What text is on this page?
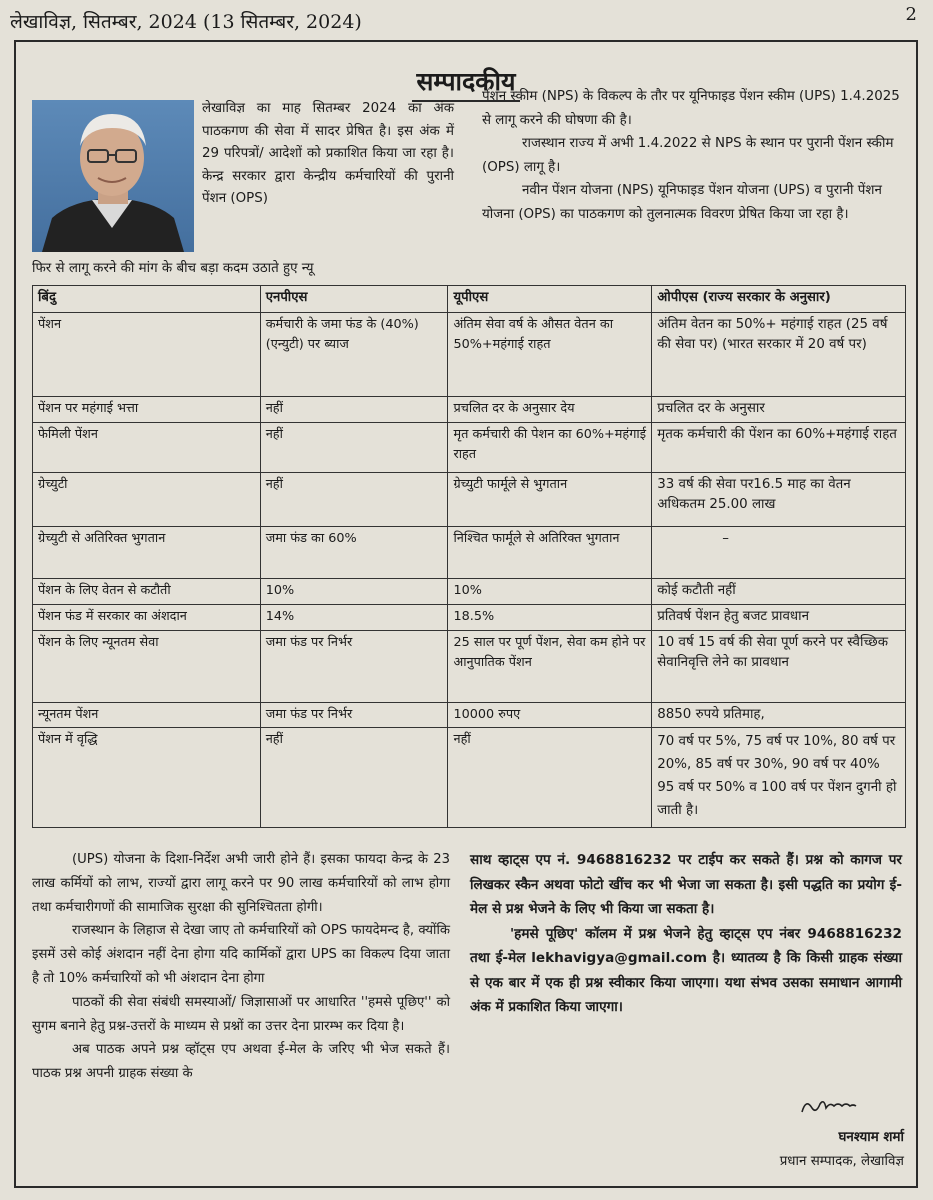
लेखाविज्ञ, सितम्बर, 2024 (13 सितम्बर, 2024)	2
सम्पादकीय

लेखाविज्ञ का माह सितम्बर 2024 का अंक पाठकगण की सेवा में सादर प्रेषित है। इस अंक में 29 परिपत्रों/ आदेशों को प्रकाशित किया जा रहा है। केन्द्र सरकार द्वारा केन्द्रीय कर्मचारियों की पुरानी पेंशन (OPS)

फिर से लागू करने की मांग के बीच बड़ा कदम उठाते हुए न्यू

पेंशन स्कीम (NPS) के विकल्प के तौर पर यूनिफाइड पेंशन स्कीम (UPS) 1.4.2025 से लागू करने की घोषणा की है।

राजस्थान राज्य में अभी 1.4.2022 से NPS के स्थान पर पुरानी पेंशन स्कीम (OPS) लागू है।

नवीन पेंशन योजना (NPS) यूनिफाइड पेंशन योजना (UPS) व पुरानी पेंशन योजना (OPS) का पाठकगण को तुलनात्मक विवरण प्रेषित किया जा रहा है।

बिंदु	एनपीएस	यूपीएस	ओपीएस (राज्य सरकार के अनुसार)
पेंशन	कर्मचारी के जमा फंड के (40%) (एन्युटी) पर ब्याज	अंतिम सेवा वर्ष के औसत वेतन का 50%+महंगाई राहत	अंतिम वेतन का 50%+ महंगाई राहत (25 वर्ष की सेवा पर) (भारत सरकार में 20 वर्ष पर)
पेंशन पर महंगाई भत्ता	नहीं	प्रचलित दर के अनुसार देय	प्रचलित दर के अनुसार
फेमिली पेंशन	नहीं	मृत कर्मचारी की पेशन का 60%+महंगाई राहत	मृतक कर्मचारी की पेंशन का 60%+महंगाई राहत
ग्रेच्युटी	नहीं	ग्रेच्युटी फार्मूले से भुगतान	33 वर्ष की सेवा पर16.5 माह का वेतन अधिकतम 25.00 लाख
ग्रेच्युटी से अतिरिक्त भुगतान	जमा फंड का 60%	निश्चित फार्मूले से अतिरिक्त भुगतान	–
पेंशन के लिए वेतन से कटौती	10%	10%	कोई कटौती नहीं
पेंशन फंड में सरकार का अंशदान	14%	18.5%	प्रतिवर्ष पेंशन हेतु बजट प्रावधान
पेंशन के लिए न्यूनतम सेवा	जमा फंड पर निर्भर	25 साल पर पूर्ण पेंशन, सेवा कम होने पर आनुपातिक पेंशन	10 वर्ष 15 वर्ष की सेवा पूर्ण करने पर स्वैच्छिक सेवानिवृत्ति लेने का प्रावधान
न्यूनतम पेंशन	जमा फंड पर निर्भर	10000 रुपए	8850 रुपये प्रतिमाह,
पेंशन में वृद्धि	नहीं	नहीं	70 वर्ष पर 5%, 75 वर्ष पर 10%, 80 वर्ष पर 20%, 85 वर्ष पर 30%, 90 वर्ष पर 40% 95 वर्ष पर 50% व 100 वर्ष पर पेंशन दुगनी हो जाती है।

(UPS) योजना के दिशा-निर्देश अभी जारी होने हैं। इसका फायदा केन्द्र के 23 लाख कर्मियों को लाभ, राज्यों द्वारा लागू करने पर 90 लाख कर्मचारियों को लाभ होगा तथा कर्मचारीगणों की सामाजिक सुरक्षा की सुनिश्चितता होगी।

राजस्थान के लिहाज से देखा जाए तो कर्मचारियों को OPS फायदेमन्द है, क्योंकि इसमें उसे कोई अंशदान नहीं देना होगा यदि कार्मिकों द्वारा UPS का विकल्प दिया जाता है तो 10% कर्मचारियों को भी अंशदान देना होगा

पाठकों की सेवा संबंधी समस्याओं/ जिज्ञासाओं पर आधारित ''हमसे पूछिए'' को सुगम बनाने हेतु प्रश्न-उत्तरों के माध्यम से प्रश्नों का उत्तर देना प्रारम्भ कर दिया है।

अब पाठक अपने प्रश्न व्हॉट्स एप अथवा ई-मेल के जरिए भी भेज सकते हैं। पाठक प्रश्न अपनी ग्राहक संख्या के

साथ व्हाट्स एप नं. 9468816232 पर टाईप कर सकते हैं। प्रश्न को कागज पर लिखकर स्कैन अथवा फोटो खींच कर भी भेजा जा सकता है। इसी पद्धति का प्रयोग ई-मेल से प्रश्न भेजने के लिए भी किया जा सकता है।

'हमसे पूछिए' कॉलम में प्रश्न भेजने हेतु व्हाट्स एप नंबर 9468816232 तथा ई-मेल lekhavigya@gmail.com है। ध्यातव्य है कि किसी ग्राहक संख्या से एक बार में एक ही प्रश्न स्वीकार किया जाएगा। यथा संभव उसका समाधान आगामी अंक में प्रकाशित किया जाएगा।

घनश्याम शर्मा
प्रधान सम्पादक, लेखाविज्ञ
